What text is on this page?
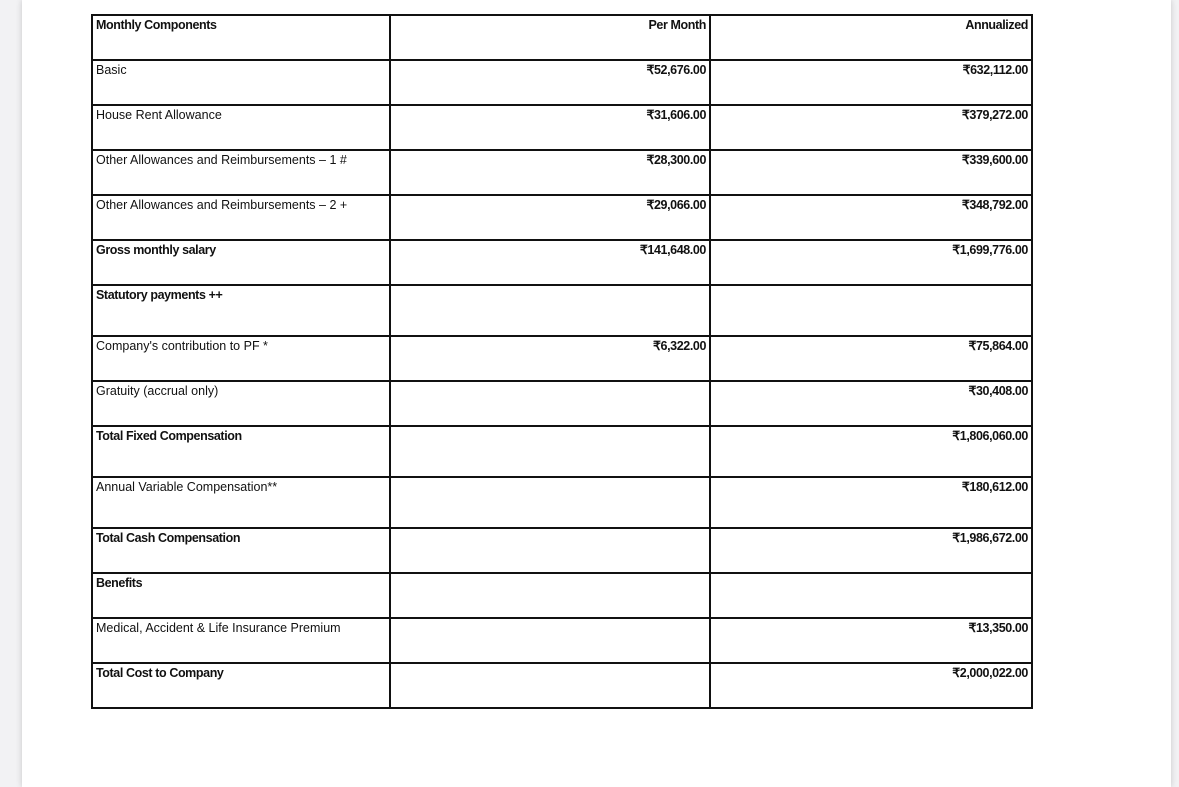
Monthly Components	Per Month	Annualized
Basic	₹52,676.00	₹632,112.00
House Rent Allowance	₹31,606.00	₹379,272.00
Other Allowances and Reimbursements – 1 #	₹28,300.00	₹339,600.00
Other Allowances and Reimbursements – 2 +	₹29,066.00	₹348,792.00
Gross monthly salary	₹141,648.00	₹1,699,776.00
Statutory payments ++		
Company's contribution to PF *	₹6,322.00	₹75,864.00
Gratuity (accrual only)		₹30,408.00
Total Fixed Compensation		₹1,806,060.00
Annual Variable Compensation**		₹180,612.00
Total Cash Compensation		₹1,986,672.00
Benefits		
Medical, Accident & Life Insurance Premium		₹13,350.00
Total Cost to Company		₹2,000,022.00
